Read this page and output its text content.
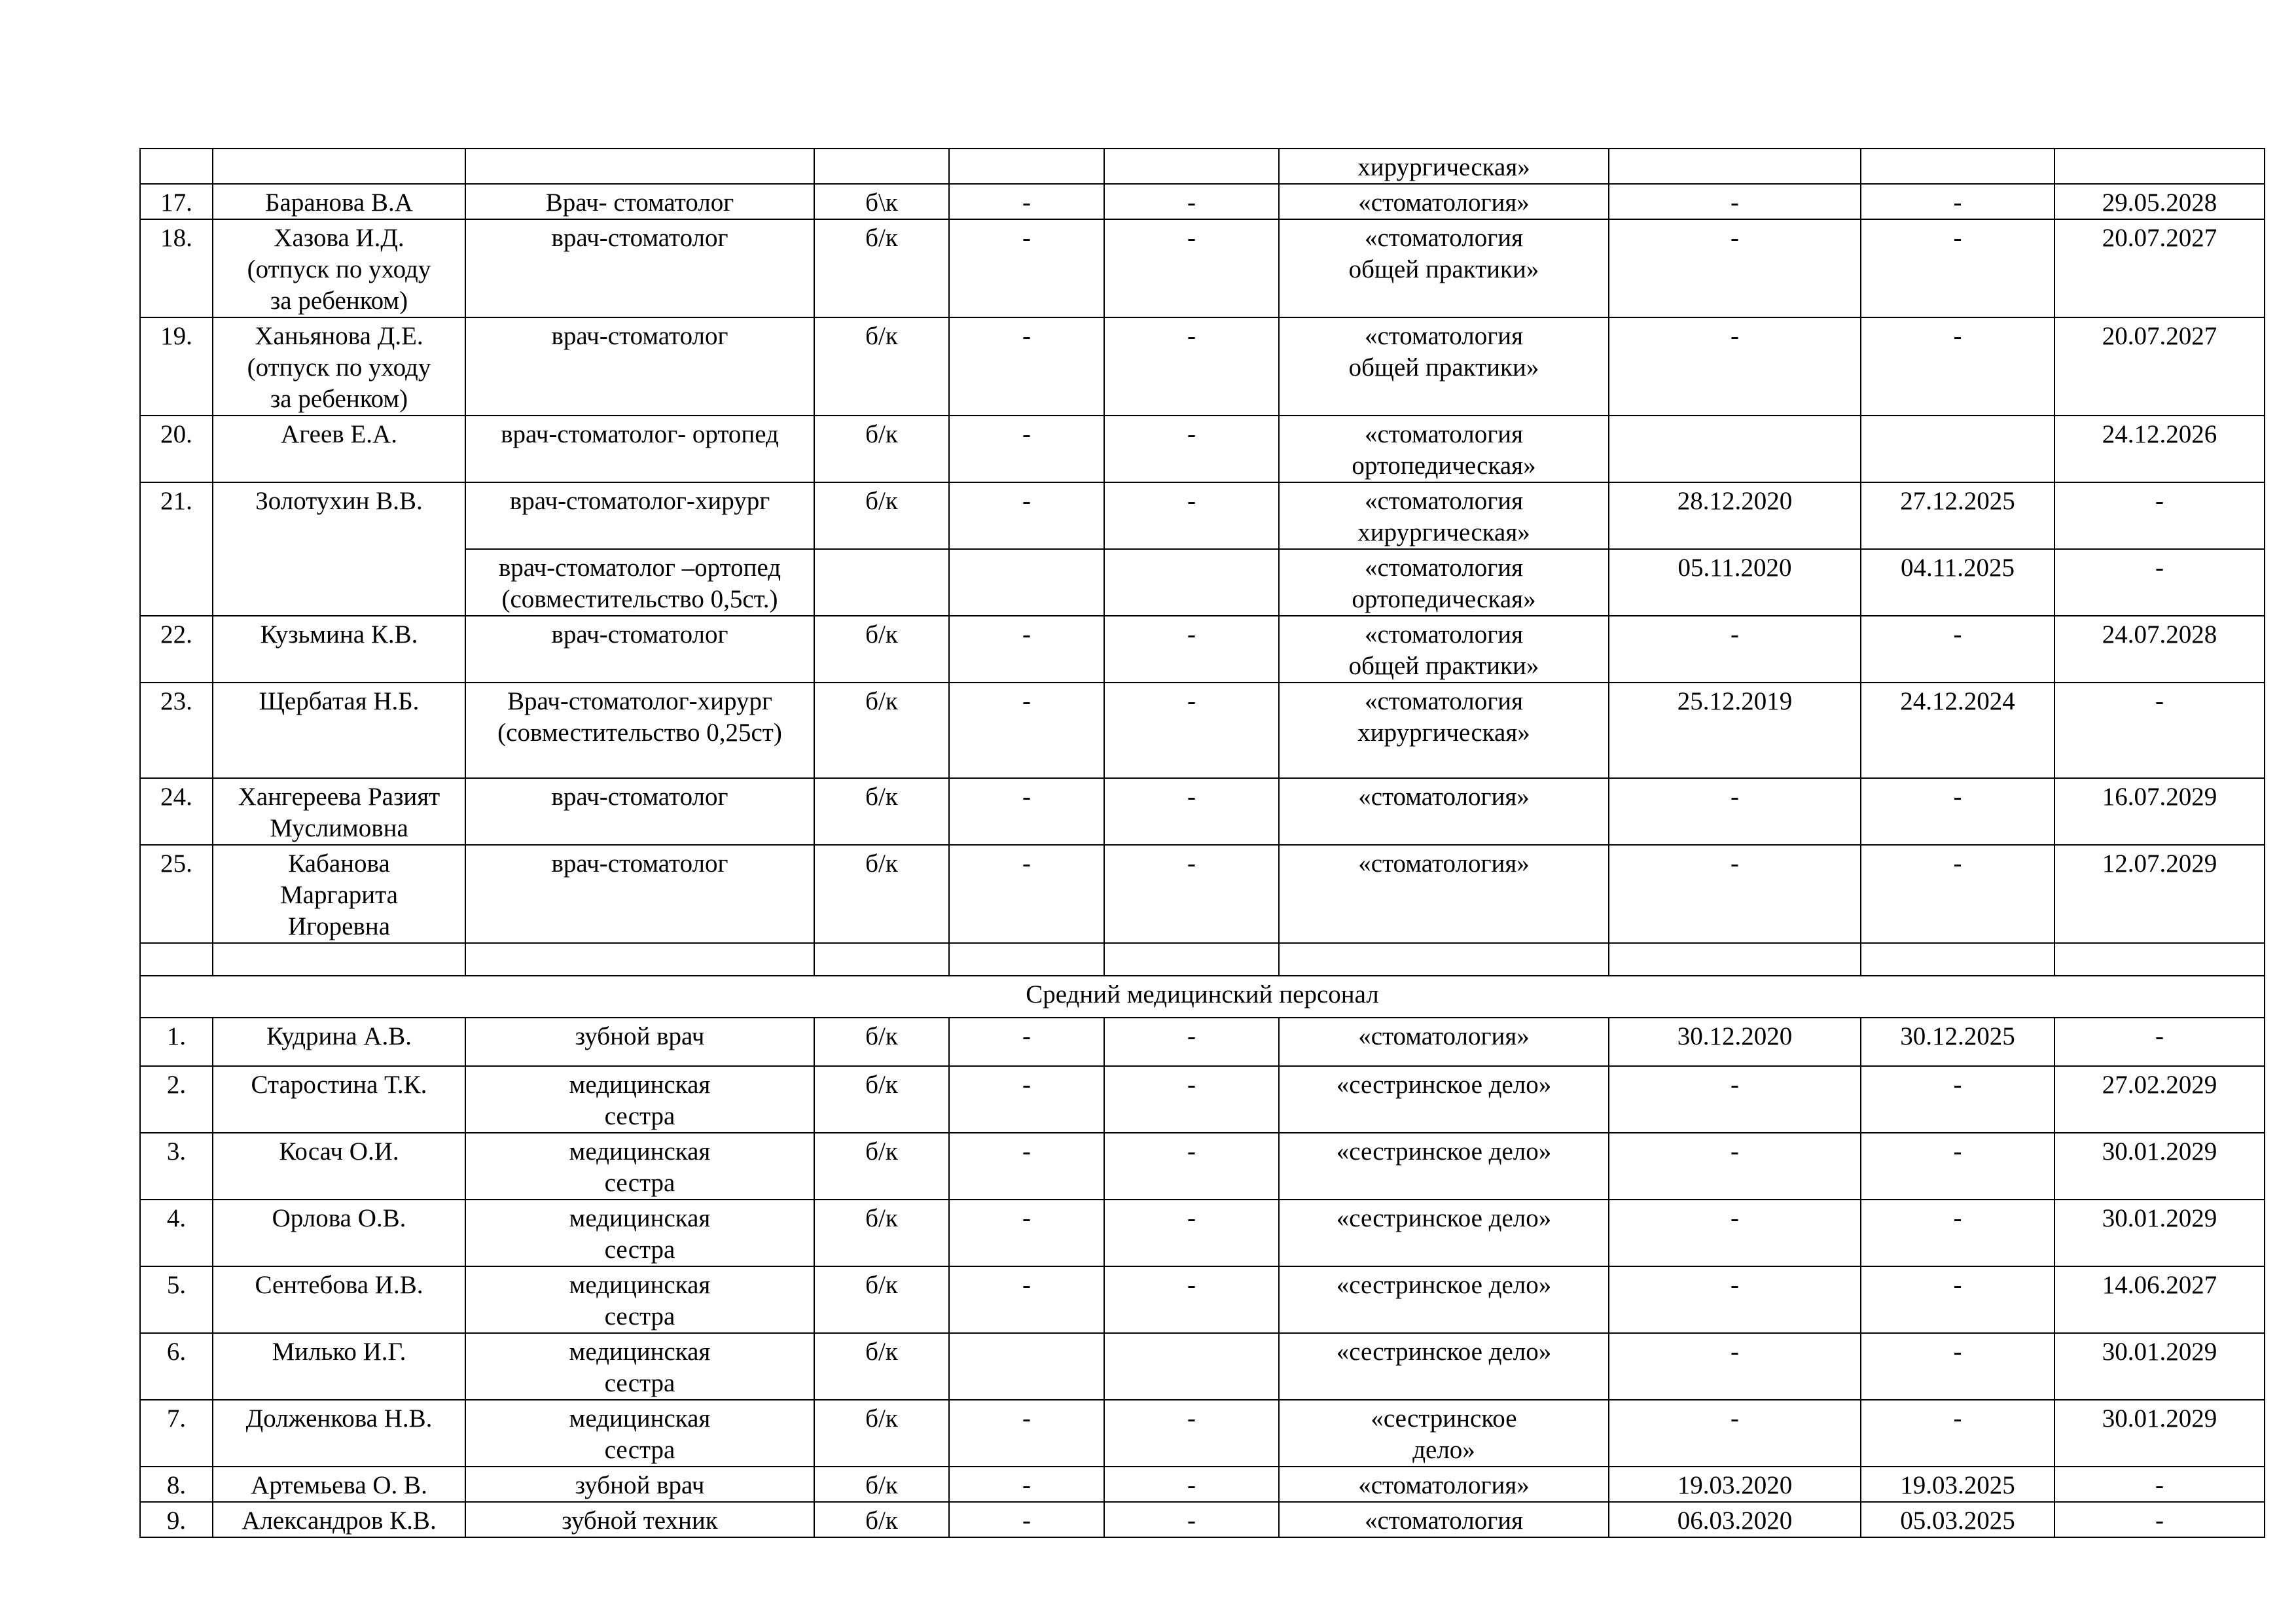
						хирургическая»			

17.	Баранова В.А	Врач- стоматолог	б\к	-	-	«стоматология»	-	-	29.05.2028
18.	Хазова И.Д.
(отпуск по уходу
за ребенком)	врач-стоматолог	б/к	-	-	«стоматология
общей практики»	-	-	20.07.2027
19.	Ханьянова Д.Е.
(отпуск по уходу
за ребенком)	врач-стоматолог	б/к	-	-	«стоматология
общей практики»	-	-	20.07.2027
20.	Агеев Е.А.	врач-стоматолог- ортопед	б/к	-	-	«стоматология
ортопедическая»			24.12.2026
21.	Золотухин В.В.	врач-стоматолог-хирург	б/к	-	-	«стоматология
хирургическая»	28.12.2020	27.12.2025	-

		врач-стоматолог –ортопед
(совместительство 0,5ст.)				«стоматология
ортопедическая»	05.11.2020	04.11.2025	-
22.	Кузьмина К.В.	врач-стоматолог	б/к	-	-	«стоматология
общей практики»	-	-	24.07.2028
23.	Щербатая Н.Б.	Врач-стоматолог-хирург
(совместительство 0,25ст)	б/к	-	-	«стоматология
хирургическая»	25.12.2019	24.12.2024	-
24.	Хангереева Разият
Муслимовна	врач-стоматолог	б/к	-	-	«стоматология»	-	-	16.07.2029
25.	Кабанова
Маргарита
Игоревна	врач-стоматолог	б/к	-	-	«стоматология»	-	-	12.07.2029

Средний медицинский персонал									
1.	Кудрина А.В.	зубной врач	б/к	-	-	«стоматология»	30.12.2020	30.12.2025	-
2.	Старостина Т.К.	медицинская
сестра	б/к	-	-	«сестринское дело»	-	-	27.02.2029
3.	Косач О.И.	медицинская
сестра	б/к	-	-	«сестринское дело»	-	-	30.01.2029
4.	Орлова О.В.	медицинская
сестра	б/к	-	-	«сестринское дело»	-	-	30.01.2029
5.	Сентебова И.В.	медицинская
сестра	б/к	-	-	«сестринское дело»	-	-	14.06.2027
6.	Милько И.Г.	медицинская
сестра	б/к			«сестринское дело»	-	-	30.01.2029
7.	Долженкова Н.В.	медицинская
сестра	б/к	-	-	«сестринское
дело»	-	-	30.01.2029
8.	Артемьева О. В.	зубной врач	б/к	-	-	«стоматология»	19.03.2020	19.03.2025	-
9.	Александров К.В.	зубной техник	б/к	-	-	«стоматология	06.03.2020	05.03.2025	-
